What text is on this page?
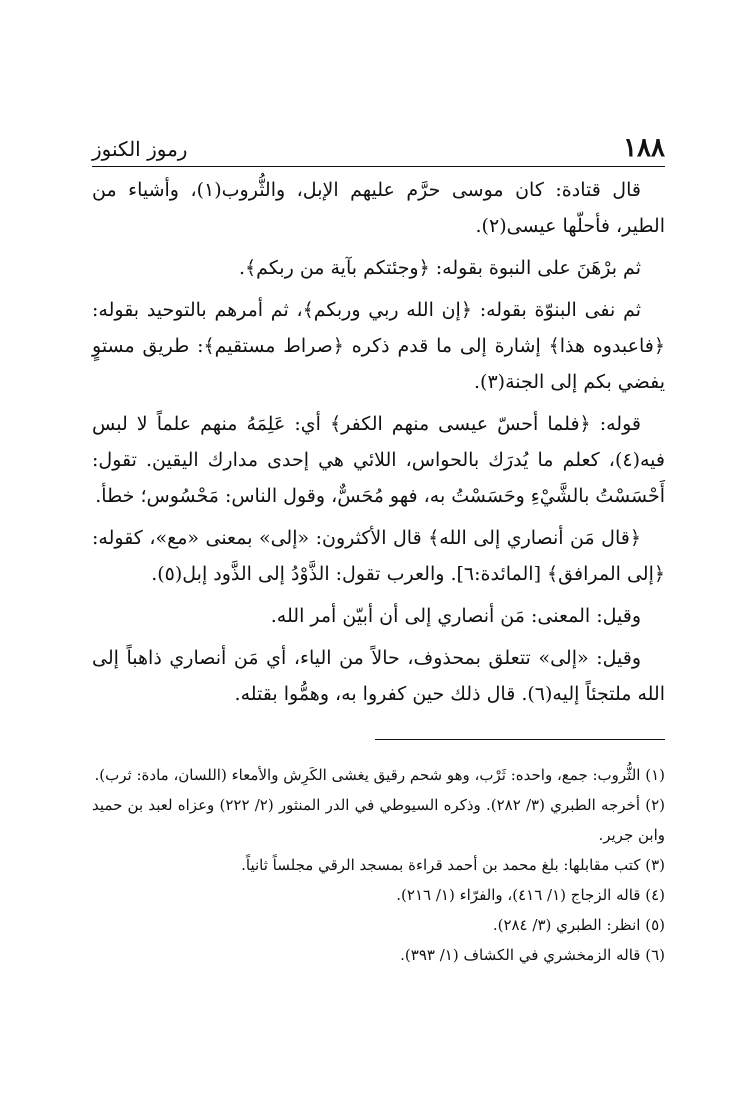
١٨٨
رموز الكنوز

قال قتادة: كان موسى حرَّم عليهم الإبل، والثُّروب(١)، وأشياء من الطير، فأحلّها عيسى(٢).

ثم برْهَنَ على النبوة بقوله: ﴿وجئتكم بآية من ربكم﴾.

ثم نفى البنوّة بقوله: ﴿إن الله ربي وربكم﴾، ثم أمرهم بالتوحيد بقوله: ﴿فاعبدوه هذا﴾ إشارة إلى ما قدم ذكره ﴿صراط مستقيم﴾: طريق مستوٍ يفضي بكم إلى الجنة(٣).

قوله: ﴿فلما أحسّ عيسى منهم الكفر﴾ أي: عَلِمَهُ منهم علماً لا لبس فيه(٤)، كعلم ما يُدرَك بالحواس، اللائي هي إحدى مدارك اليقين. تقول: أَحْسَسْتُ بالشَّيْءِ وحَسَسْتُ به، فهو مُحَسٌّ، وقول الناس: مَحْسُوس؛ خطأ.

﴿قال مَن أنصاري إلى الله﴾ قال الأكثرون: «إلى» بمعنى «مع»، كقوله: ﴿إلى المرافق﴾ [المائدة:٦]. والعرب تقول: الذَّوْدُ إلى الذَّود إبل(٥).

وقيل: المعنى: مَن أنصاري إلى أن أبيّن أمر الله.

وقيل: «إلى» تتعلق بمحذوف، حالاً من الياء، أي مَن أنصاري ذاهباً إلى الله ملتجئاً إليه(٦). قال ذلك حين كفروا به، وهمُّوا بقتله.

(١) الثُّروب: جمع، واحده: ثَرْب، وهو شحم رقيق يغشى الكَرِش والأمعاء (اللسان، مادة: ثرب).

(٢) أخرجه الطبري (٣/ ٢٨٢). وذكره السيوطي في الدر المنثور (٢/ ٢٢٢) وعزاه لعبد بن حميد وابن جرير.

(٣) كتب مقابلها: بلغ محمد بن أحمد قراءة بمسجد الرقي مجلساً ثانياً.

(٤) قاله الزجاج (١/ ٤١٦)، والفرّاء (١/ ٢١٦).

(٥) انظر: الطبري (٣/ ٢٨٤).

(٦) قاله الزمخشري في الكشاف (١/ ٣٩٣).
